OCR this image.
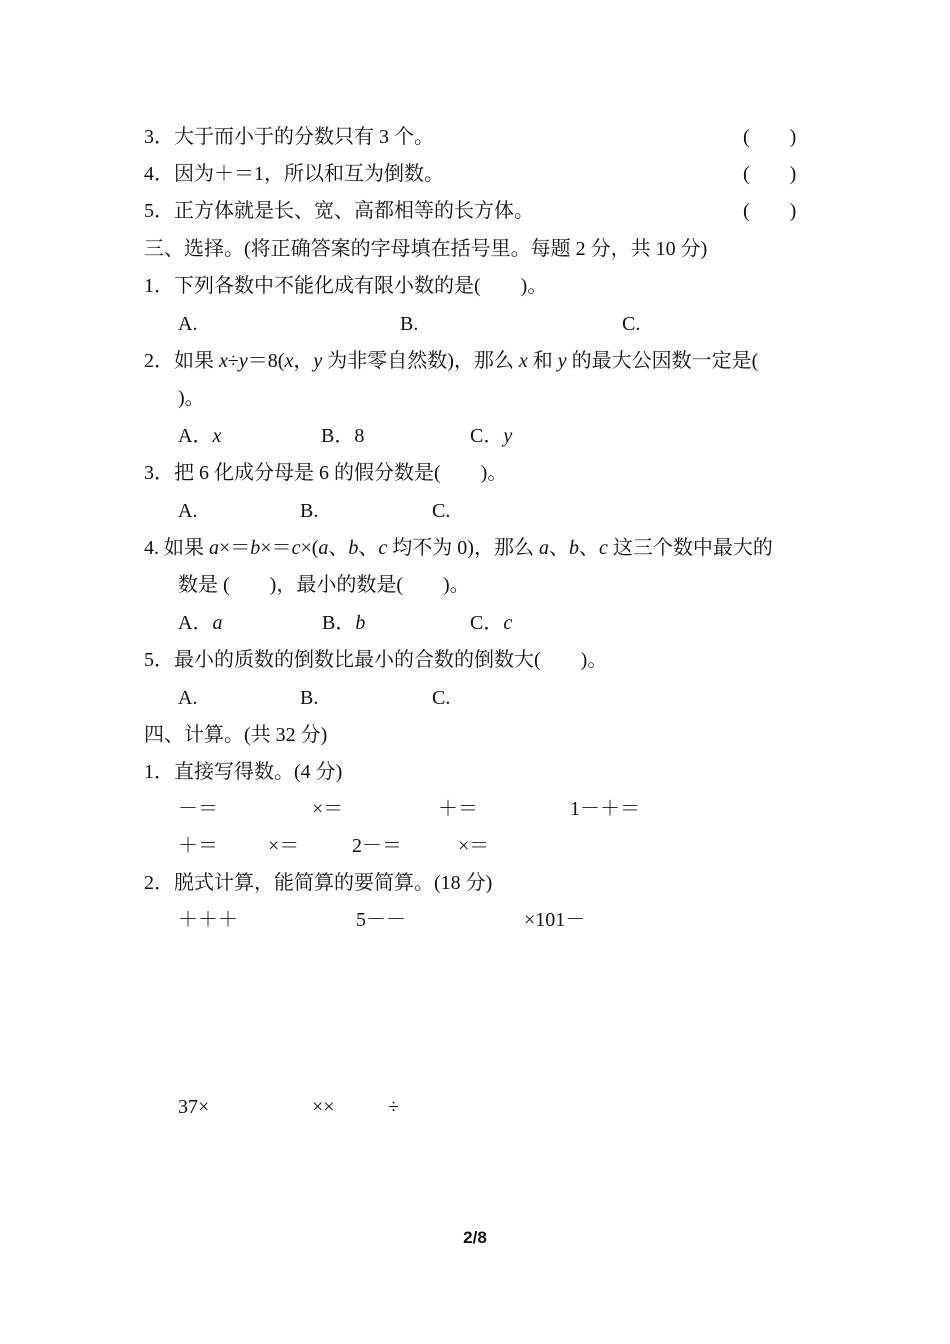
3．大于而小于的分数只有 3 个。	(　　)
4．因为＋＝1，所以和互为倒数。	(　　)
5．正方体就是长、宽、高都相等的长方体。	(　　)
三、选择。(将正确答案的字母填在括号里。每题 2 分，共 10 分)
1．下列各数中不能化成有限小数的是(　　)。
A.	B.	C.
2．如果 x÷y＝8(x，y 为非零自然数)，那么 x 和 y 的最大公因数一定是(
)。
A．x	B．8	C．y
3．把 6 化成分母是 6 的假分数是(　　)。
A.	B.	C.
4. 如果 a×＝b×＝c×(a、b、c 均不为 0)，那么 a、b、c 这三个数中最大的
数是 (　　)，最小的数是(　　)。
A．a	B．b	C．c
5．最小的质数的倒数比最小的合数的倒数大(　　)。
A.	B.	C.
四、计算。(共 32 分)
1．直接写得数。(4 分)
－＝	×＝	＋＝	1－＋＝
＋＝	×＝	2－＝	×＝
2．脱式计算，能简算的要简算。(18 分)
＋＋＋	5－－	×101－
37×	××	÷
2/8
